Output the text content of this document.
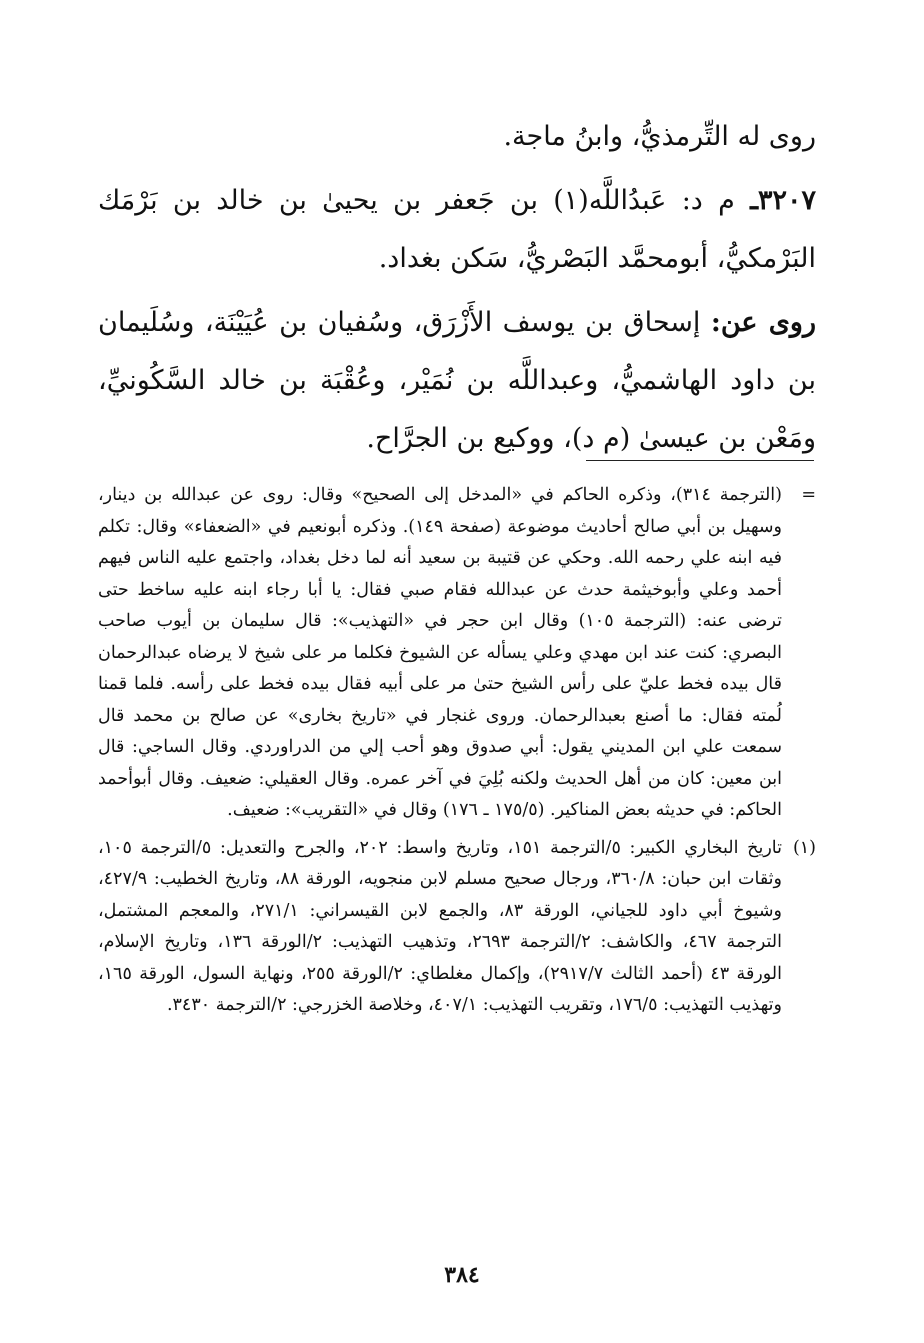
روى له التِّرمذيُّ، وابنُ ماجة.

٣٢٠٧ـ م د: عَبدُاللَّه(١) بن جَعفر بن يحيىٰ بن خالد بن بَرْمَك البَرْمكيُّ، أبومحمَّد البَصْريُّ، سَكن بغداد.

روى عن: إسحاق بن يوسف الأَزْرَق، وسُفيان بن عُيَيْنَة، وسُلَيمان بن داود الهاشميُّ، وعبداللَّه بن نُمَيْر، وعُقْبَة بن خالد السَّكُونيِّ، ومَعْن بن عيسىٰ (م د)، ووكيع بن الجرَّاح.

=
(الترجمة ٣١٤)، وذكره الحاكم في «المدخل إلى الصحيح» وقال: روى عن عبدالله بن دينار، وسهيل بن أبي صالح أحاديث موضوعة (صفحة ١٤٩). وذكره أبونعيم في «الضعفاء» وقال: تكلم فيه ابنه علي رحمه الله. وحكي عن قتيبة بن سعيد أنه لما دخل بغداد، واجتمع عليه الناس فيهم أحمد وعلي وأبوخيثمة حدث عن عبدالله فقام صبي فقال: يا أبا رجاء ابنه عليه ساخط حتى ترضى عنه: (الترجمة ١٠٥) وقال ابن حجر في «التهذيب»: قال سليمان بن أيوب صاحب البصري: كنت عند ابن مهدي وعلي يسأله عن الشيوخ فكلما مر على شيخ لا يرضاه عبدالرحمان قال بيده فخط عليّ على رأس الشيخ حتىٰ مر على أبيه فقال بيده فخط على رأسه. فلما قمنا لُمته فقال: ما أصنع بعبدالرحمان. وروى غنجار في «تاريخ بخارى» عن صالح بن محمد قال سمعت علي ابن المديني يقول: أبي صدوق وهو أحب إلي من الدراوردي. وقال الساجي: قال ابن معين: كان من أهل الحديث ولكنه بُلِيَ في آخر عمره. وقال العقيلي: ضعيف. وقال أبوأحمد الحاكم: في حديثه بعض المناكير. (١٧٥/٥ ـ ١٧٦) وقال في «التقريب»: ضعيف.
(١)
تاريخ البخاري الكبير: ٥/الترجمة ١٥١، وتاريخ واسط: ٢٠٢، والجرح والتعديل: ٥/الترجمة ١٠٥، وثقات ابن حبان: ٣٦٠/٨، ورجال صحيح مسلم لابن منجويه، الورقة ٨٨، وتاريخ الخطيب: ٤٢٧/٩، وشيوخ أبي داود للجياني، الورقة ٨٣، والجمع لابن القيسراني: ٢٧١/١، والمعجم المشتمل، الترجمة ٤٦٧، والكاشف: ٢/الترجمة ٢٦٩٣، وتذهيب التهذيب: ٢/الورقة ١٣٦، وتاريخ الإسلام، الورقة ٤٣ (أحمد الثالث ٢٩١٧/٧)، وإكمال مغلطاي: ٢/الورقة ٢٥٥، ونهاية السول، الورقة ١٦٥، وتهذيب التهذيب: ١٧٦/٥، وتقريب التهذيب: ٤٠٧/١، وخلاصة الخزرجي: ٢/الترجمة ٣٤٣٠.
٣٨٤
